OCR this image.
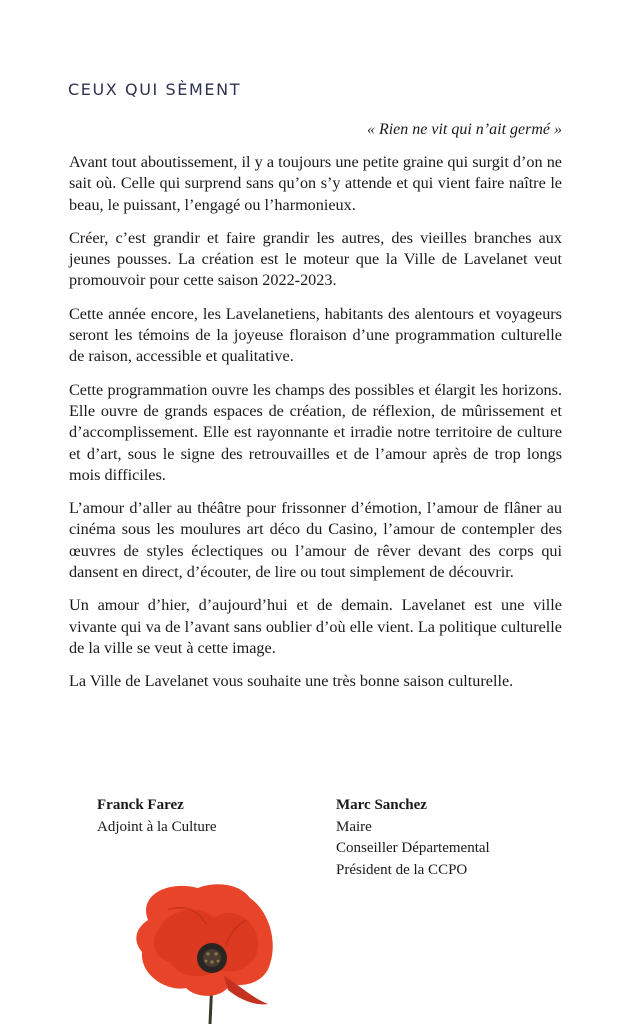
CEUX QUI SÈMENT

« Rien ne vit qui n’ait germé »

Avant tout aboutissement, il y a toujours une petite graine qui surgit d’on ne sait où. Celle qui surprend sans qu’on s’y attende et qui vient faire naître le beau, le puissant, l’engagé ou l’harmonieux.

Créer, c’est grandir et faire grandir les autres, des vieilles branches aux jeunes pousses. La création est le moteur que la Ville de Lavelanet veut promouvoir pour cette saison 2022-2023.

Cette année encore, les Lavelanetiens, habitants des alentours et voyageurs seront les témoins de la joyeuse floraison d’une programmation culturelle de raison, accessible et qualitative.

Cette programmation ouvre les champs des possibles et élargit les horizons. Elle ouvre de grands espaces de création, de réflexion, de mûrissement et d’accomplissement. Elle est rayonnante et irradie notre territoire de culture et d’art, sous le signe des retrouvailles et de l’amour après de trop longs mois difficiles.

L’amour d’aller au théâtre pour frissonner d’émotion, l’amour de flâner au cinéma sous les moulures art déco du Casino, l’amour de contempler des œuvres de styles éclectiques ou l’amour de rêver devant des corps qui dansent en direct, d’écouter, de lire ou tout simplement de découvrir.

Un amour d’hier, d’aujourd’hui et de demain. Lavelanet est une ville vivante qui va de l’avant sans oublier d’où elle vient. La politique culturelle de la ville se veut à cette image.

La Ville de Lavelanet vous souhaite une très bonne saison culturelle.

Franck Farez
Adjoint à la Culture
Marc Sanchez
Maire
Conseiller Départemental
Président de la CCPO
